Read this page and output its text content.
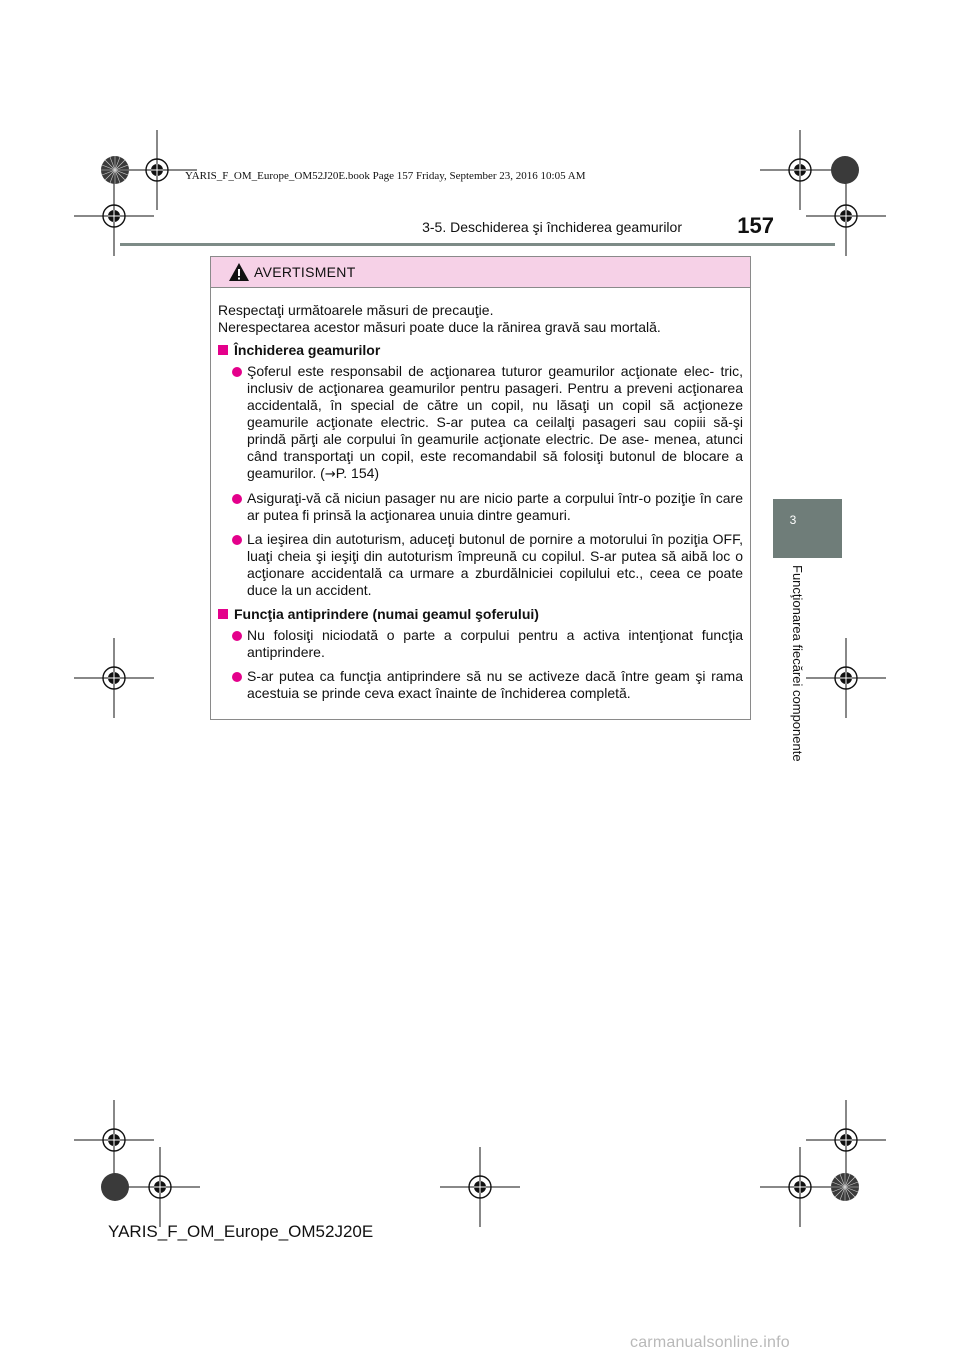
YARIS_F_OM_Europe_OM52J20E.book Page 157 Friday, September 23, 2016 10:05 AM
157
3-5. Deschiderea şi închiderea geamurilor
3
Funcţionarea fiecărei componente
AVERTISMENT

Respectaţi următoarele măsuri de precauţie.

Nerespectarea acestor măsuri poate duce la rănirea gravă sau mortală.

Închiderea geamurilor
Şoferul este responsabil de acţionarea tuturor geamurilor acţionate elec- tric, inclusiv de acţionarea geamurilor pentru pasageri. Pentru a preveni acţionarea accidentală, în special de către un copil, nu lăsaţi un copil să acţioneze geamurile acţionate electric. S-ar putea ca ceilalţi pasageri sau copiii să-şi prindă părţi ale corpului în geamurile acţionate electric. De ase- menea, atunci când transportaţi un copil, este recomandabil să folosiţi butonul de blocare a geamurilor. (→P. 154)
Asiguraţi-vă că niciun pasager nu are nicio parte a corpului într-o poziţie în care ar putea fi prinsă la acţionarea unuia dintre geamuri.
La ieşirea din autoturism, aduceţi butonul de pornire a motorului în poziţia OFF, luaţi cheia şi ieşiţi din autoturism împreună cu copilul. S-ar putea să aibă loc o acţionare accidentală ca urmare a zburdălniciei copilului etc., ceea ce poate duce la un accident.
Funcţia antiprindere (numai geamul şoferului)
Nu folosiţi niciodată o parte a corpului pentru a activa intenţionat funcţia antiprindere.
S-ar putea ca funcţia antiprindere să nu se activeze dacă între geam şi rama acestuia se prinde ceva exact înainte de închiderea completă.
YARIS_F_OM_Europe_OM52J20E
carmanualsonline.info
